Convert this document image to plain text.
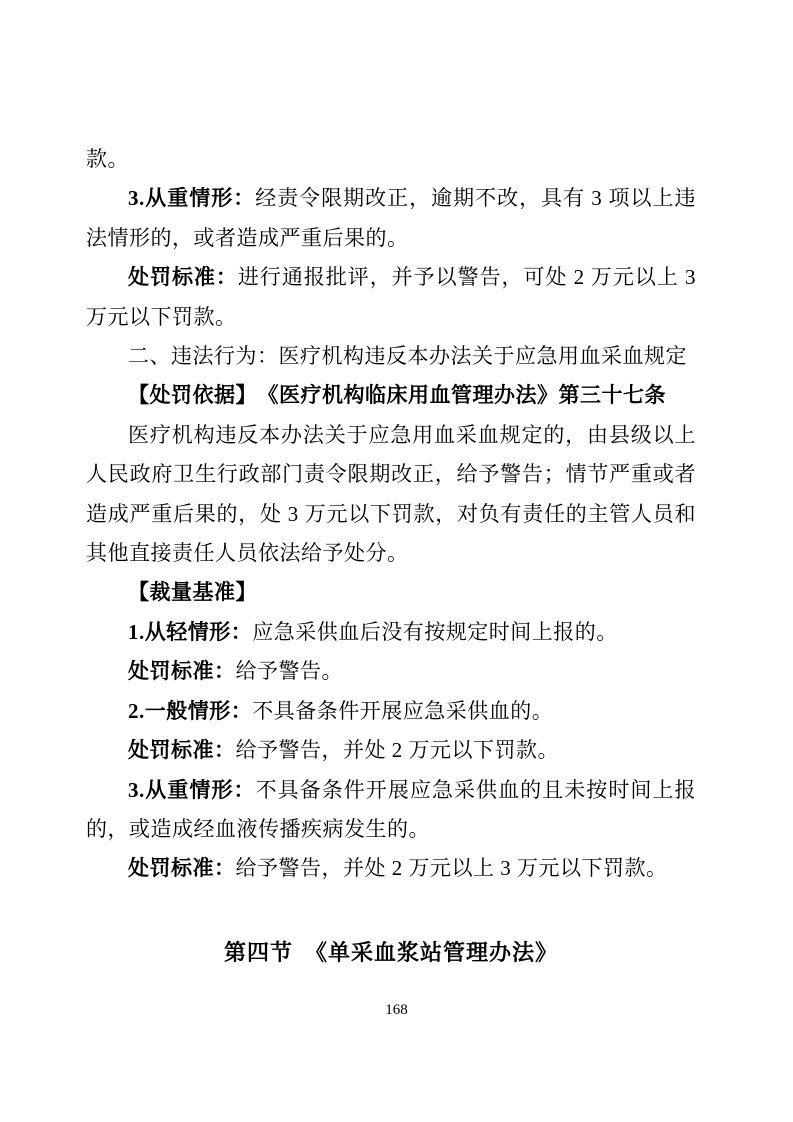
款。

3.从重情形：经责令限期改正，逾期不改，具有 3 项以上违法情形的，或者造成严重后果的。

处罚标准：进行通报批评，并予以警告，可处 2 万元以上 3 万元以下罚款。

二、违法行为：医疗机构违反本办法关于应急用血采血规定

【处罚依据】　《医疗机构临床用血管理办法》第三十七条

医疗机构违反本办法关于应急用血采血规定的，由县级以上人民政府卫生行政部门责令限期改正，给予警告；情节严重或者造成严重后果的，处 3 万元以下罚款，对负有责任的主管人员和其他直接责任人员依法给予处分。

【裁量基准】

1.从轻情形：应急采供血后没有按规定时间上报的。

处罚标准：给予警告。

2.一般情形：不具备条件开展应急采供血的。

处罚标准：给予警告，并处 2 万元以下罚款。

3.从重情形：不具备条件开展应急采供血的且未按时间上报的，或造成经血液传播疾病发生的。

处罚标准：给予警告，并处 2 万元以上 3 万元以下罚款。

第四节　《单采血浆站管理办法》
168
